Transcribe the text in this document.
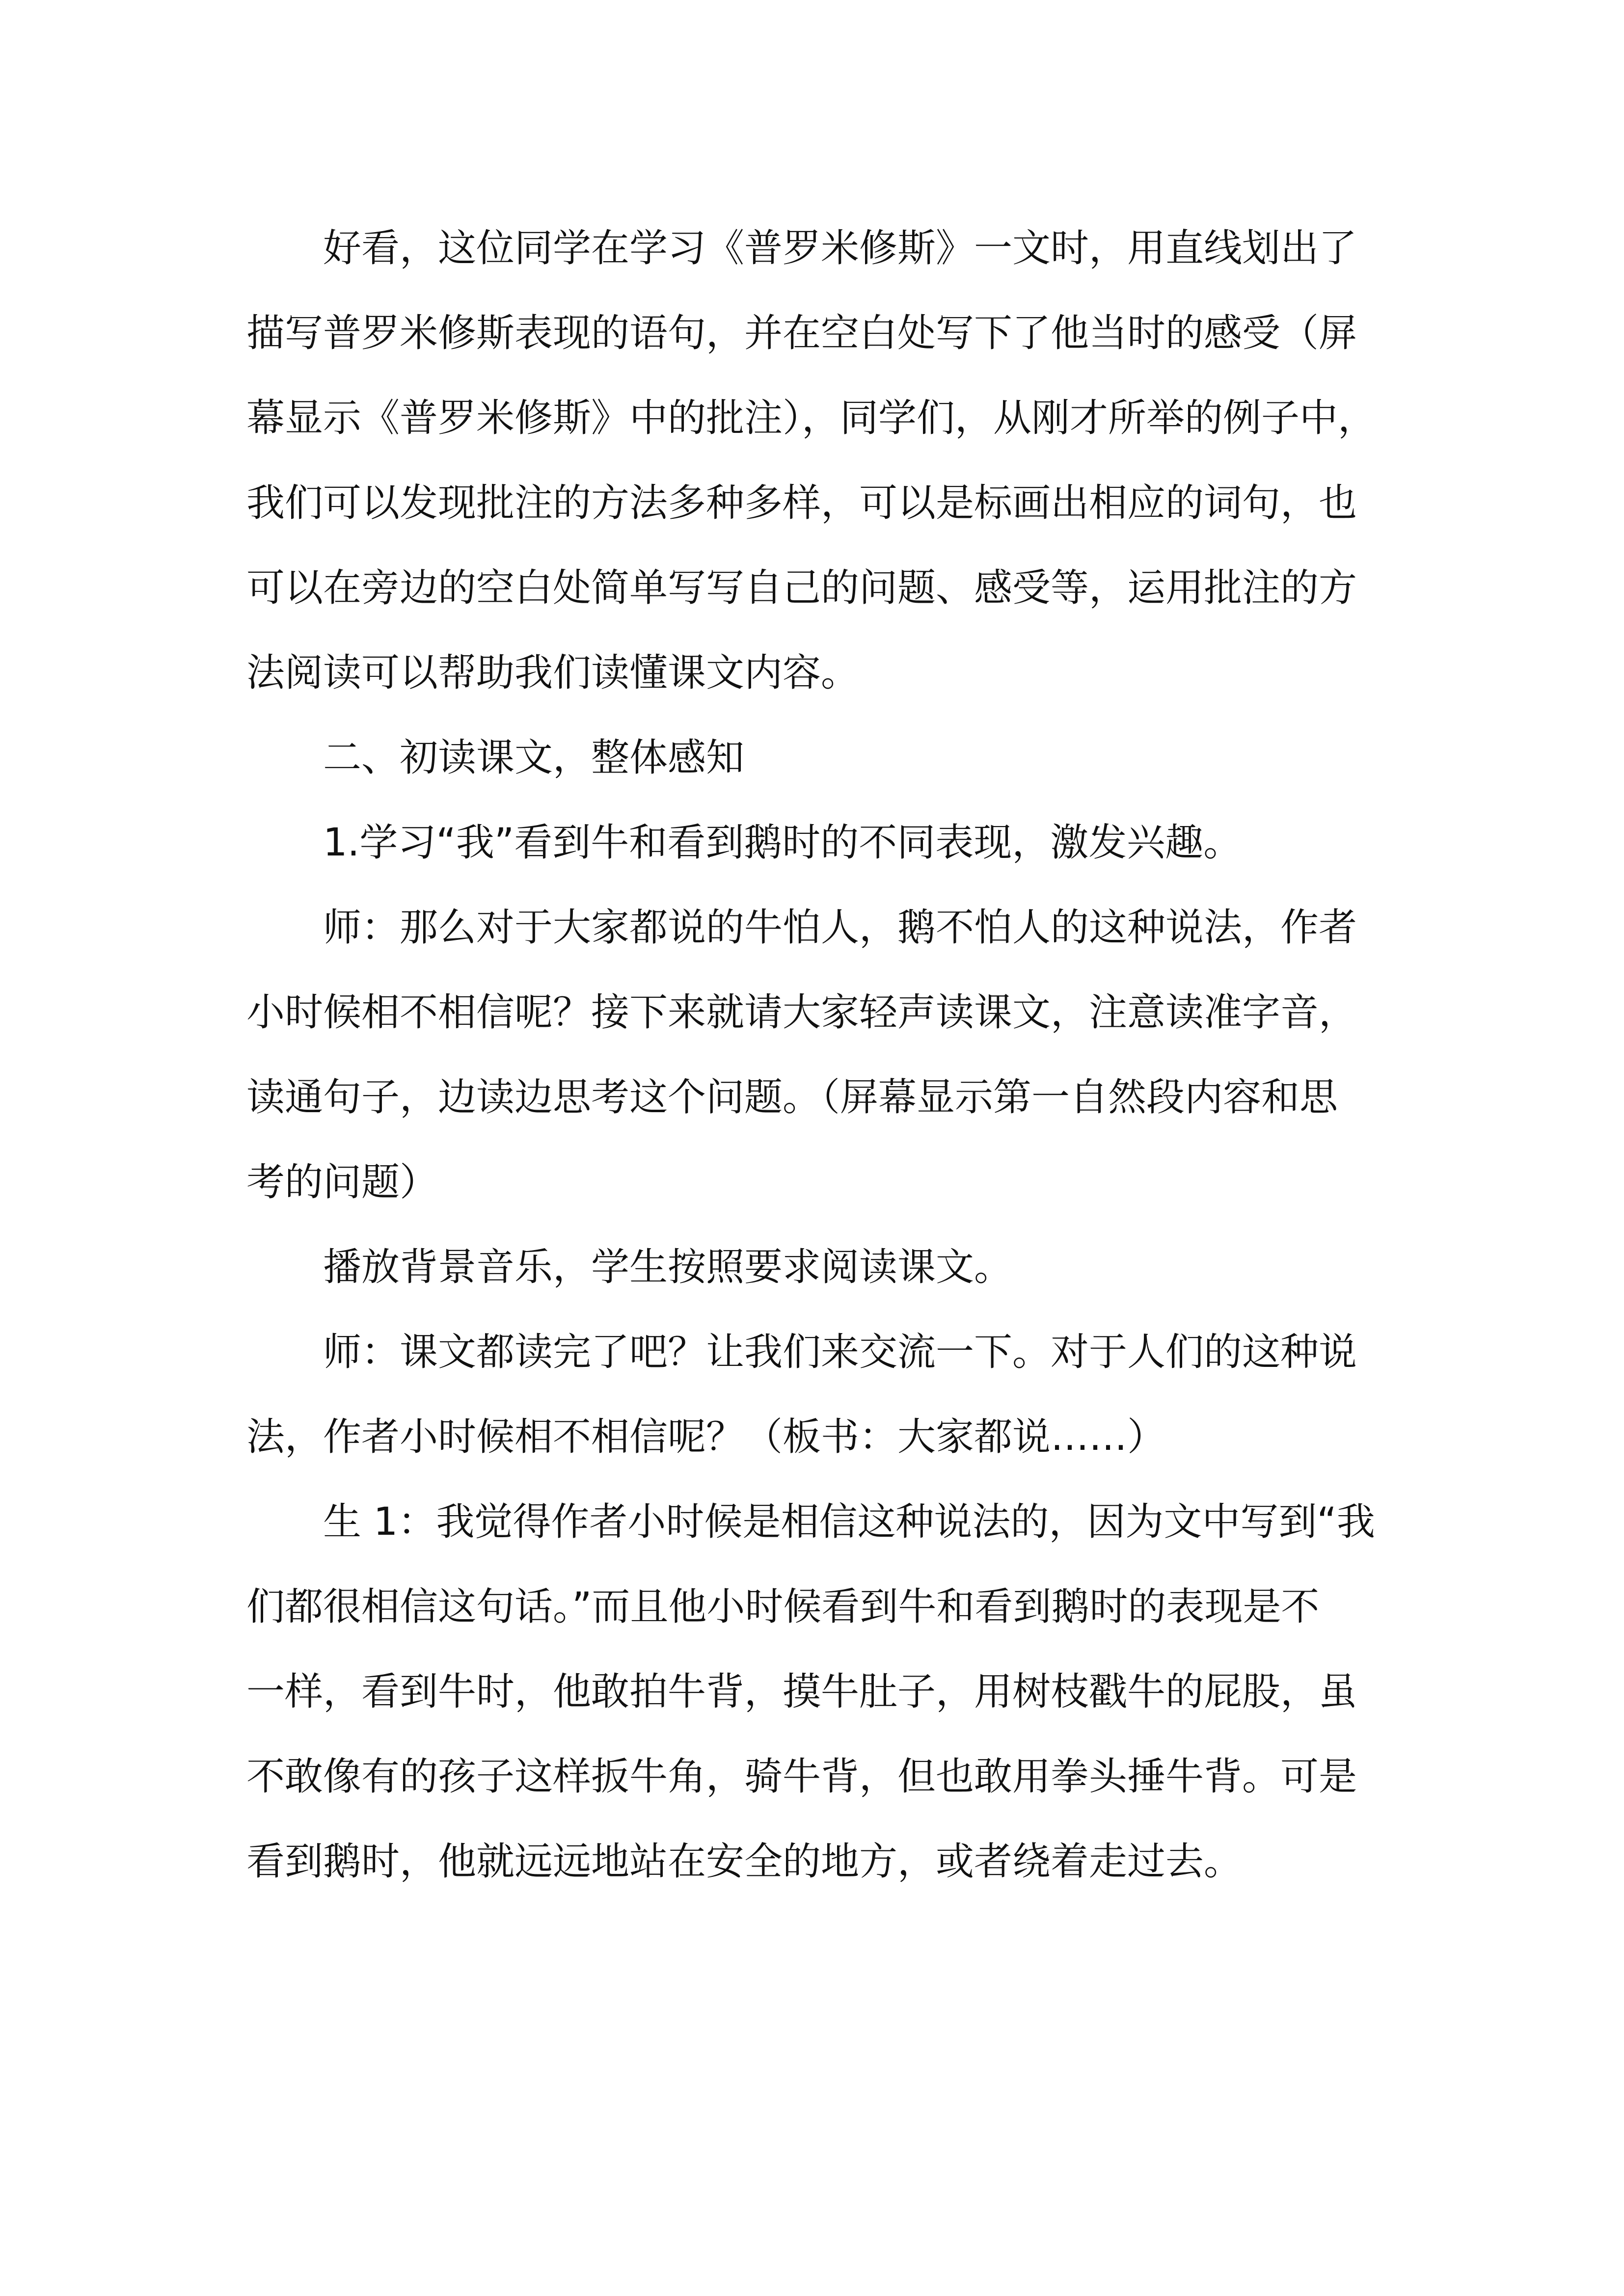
好看，这位同学在学习《普罗米修斯》一文时，用直线划出了
描写普罗米修斯表现的语句，并在空白处写下了他当时的感受（屏
幕显示《普罗米修斯》中的批注），同学们，从刚才所举的例子中，
我们可以发现批注的方法多种多样，可以是标画出相应的词句，也
可以在旁边的空白处简单写写自己的问题、感受等，运用批注的方
法阅读可以帮助我们读懂课文内容。
二、初读课文，整体感知
1.学习“我”看到牛和看到鹅时的不同表现，激发兴趣。
师：那么对于大家都说的牛怕人，鹅不怕人的这种说法，作者
小时候相不相信呢？接下来就请大家轻声读课文，注意读准字音，
读通句子，边读边思考这个问题。（屏幕显示第一自然段内容和思
考的问题）
播放背景音乐，学生按照要求阅读课文。
师：课文都读完了吧？让我们来交流一下。对于人们的这种说
法，作者小时候相不相信呢？（板书：大家都说……）
生 1：我觉得作者小时候是相信这种说法的，因为文中写到“我
们都很相信这句话。”而且他小时候看到牛和看到鹅时的表现是不
一样，看到牛时，他敢拍牛背，摸牛肚子，用树枝戳牛的屁股，虽
不敢像有的孩子这样扳牛角，骑牛背，但也敢用拳头捶牛背。可是
看到鹅时，他就远远地站在安全的地方，或者绕着走过去。
